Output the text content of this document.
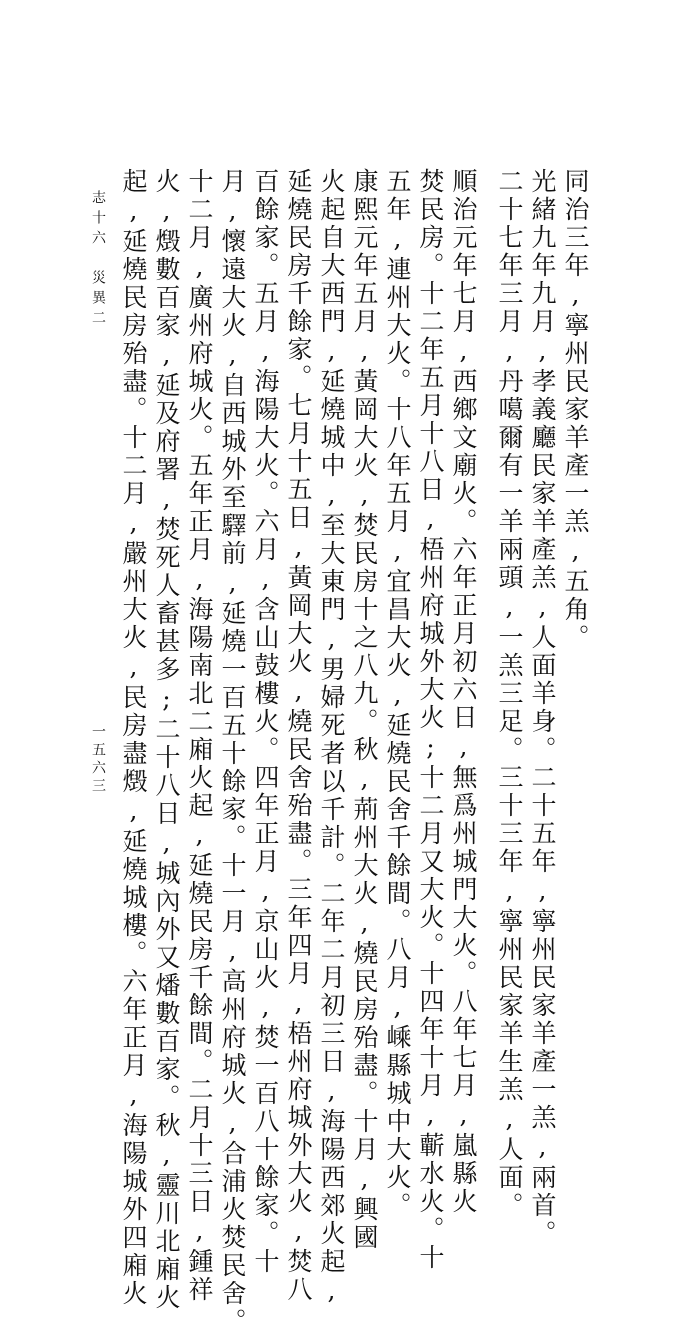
志十六　災異二
一五六三
同治三年,寧州民家羊產一羔,五角。
光緒九年九月,孝義廳民家羊產羔,人面羊身。二十五年,寧州民家羊產一羔,兩首。
二十七年三月,丹噶爾有一羊兩頭,一羔三足。三十三年,寧州民家羊生羔,人面。
順治元年七月,西鄉文廟火。六年正月初六日,無爲州城門大火。八年七月,嵐縣火
焚民房。十二年五月十八日,梧州府城外大火;十二月又大火。十四年十月,蘄水火。十
五年,連州大火。十八年五月,宜昌大火,延燒民舍千餘間。八月,嵊縣城中大火。
康熙元年五月,黃岡大火,焚民房十之八九。秋,荊州大火,燒民房殆盡。十月,興國
火起自大西門,延燒城中,至大東門,男婦死者以千計。二年二月初三日,海陽西郊火起,
延燒民房千餘家。七月十五日,黃岡大火,燒民舍殆盡。三年四月,梧州府城外大火,焚八
百餘家。五月,海陽大火。六月,含山鼓樓火。四年正月,京山火,焚一百八十餘家。十
月,懷遠大火,自西城外至驛前,延燒一百五十餘家。十一月,高州府城火,合浦火焚民舍。
十二月,廣州府城火。五年正月,海陽南北二廂火起,延燒民房千餘間。二月十三日,鍾祥
火,燬數百家,延及府署,焚死人畜甚多;二十八日,城內外又燔數百家。秋,靈川北廂火
起,延燒民房殆盡。十二月,嚴州大火,民房盡燬,延燒城樓。六年正月,海陽城外四廂火
